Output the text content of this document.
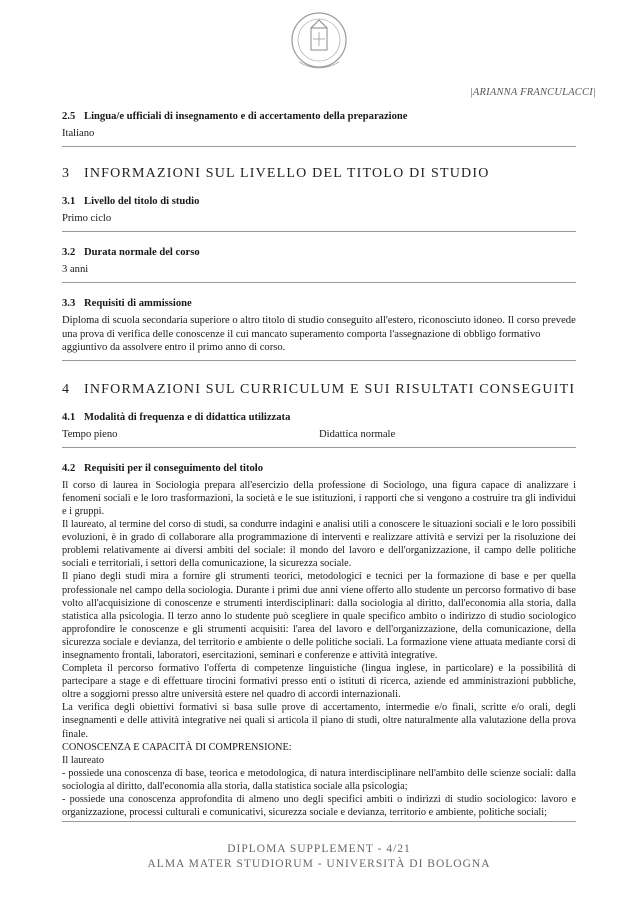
|ARIANNA FRANCULACCI|
2.5 Lingua/e ufficiali di insegnamento e di accertamento della preparazione
Italiano
3 INFORMAZIONI SUL LIVELLO DEL TITOLO DI STUDIO
3.1 Livello del titolo di studio
Primo ciclo
3.2 Durata normale del corso
3 anni
3.3 Requisiti di ammissione
Diploma di scuola secondaria superiore o altro titolo di studio conseguito all'estero, riconosciuto idoneo. Il corso prevede una prova di verifica delle conoscenze il cui mancato superamento comporta l'assegnazione di obbligo formativo aggiuntivo da assolvere entro il primo anno di corso.
4 INFORMAZIONI SUL CURRICULUM E SUI RISULTATI CONSEGUITI
4.1 Modalità di frequenza e di didattica utilizzata
Tempo pieno	Didattica normale
4.2 Requisiti per il conseguimento del titolo

Il corso di laurea in Sociologia prepara all'esercizio della professione di Sociologo, una figura capace di analizzare i fenomeni sociali e le loro trasformazioni, la società e le sue istituzioni, i rapporti che si vengono a costruire tra gli individui e i gruppi.

Il laureato, al termine del corso di studi, sa condurre indagini e analisi utili a conoscere le situazioni sociali e le loro possibili evoluzioni, è in grado di collaborare alla programmazione di interventi e realizzare attività e servizi per la risoluzione dei problemi relativamente ai diversi ambiti del sociale: il mondo del lavoro e dell'organizzazione, il campo delle politiche sociali e territoriali, i settori della comunicazione, la sicurezza sociale.

Il piano degli studi mira a fornire gli strumenti teorici, metodologici e tecnici per la formazione di base e per quella professionale nel campo della sociologia. Durante i primi due anni viene offerto allo studente un percorso formativo di base volto all'acquisizione di conoscenze e strumenti interdisciplinari: dalla sociologia al diritto, dall'economia alla storia, dalla statistica alla psicologia. Il terzo anno lo studente può scegliere in quale specifico ambito o indirizzo di studio sociologico approfondire le conoscenze e gli strumenti acquisiti: l'area del lavoro e dell'organizzazione, della comunicazione, della sicurezza sociale e devianza, del territorio e ambiente o delle politiche sociali. La formazione viene attuata mediante corsi di insegnamento frontali, laboratori, esercitazioni, seminari e conferenze e attività integrative.

Completa il percorso formativo l'offerta di competenze linguistiche (lingua inglese, in particolare) e la possibilità di partecipare a stage e di effettuare tirocini formativi presso enti o istituti di ricerca, aziende ed amministrazioni pubbliche, oltre a soggiorni presso altre università estere nel quadro di accordi internazionali.

La verifica degli obiettivi formativi si basa sulle prove di accertamento, intermedie e/o finali, scritte e/o orali, degli insegnamenti e delle attività integrative nei quali si articola il piano di studi, oltre naturalmente alla valutazione della prova finale.

CONOSCENZA E CAPACITÀ DI COMPRENSIONE:

Il laureato

- possiede una conoscenza di base, teorica e metodologica, di natura interdisciplinare nell'ambito delle scienze sociali: dalla sociologia al diritto, dall'economia alla storia, dalla statistica sociale alla psicologia;

- possiede una conoscenza approfondita di almeno uno degli specifici ambiti o indirizzi di studio sociologico: lavoro e organizzazione, processi culturali e comunicativi, sicurezza sociale e devianza, territorio e ambiente, politiche sociali;

DIPLOMA SUPPLEMENT - 4/21
ALMA MATER STUDIORUM - UNIVERSITÀ DI BOLOGNA
